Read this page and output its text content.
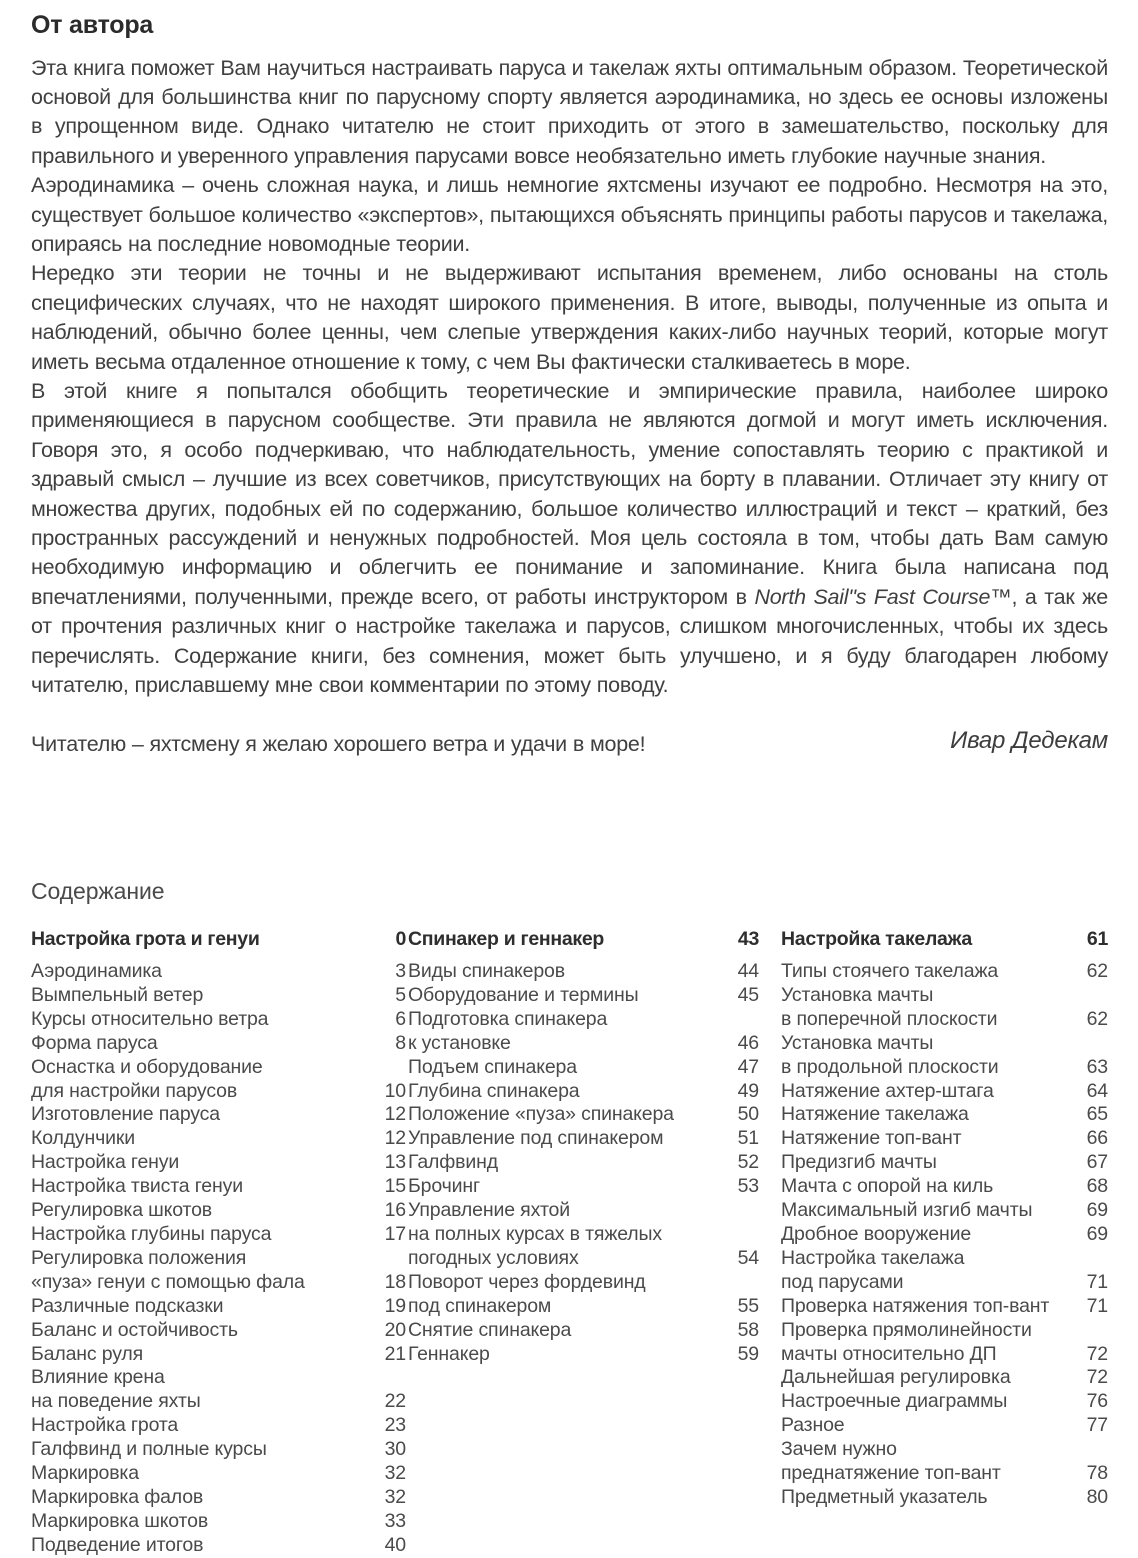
От автора

Эта книга поможет Вам научиться настраивать паруса и такелаж яхты оптимальным образом. Теоретической основой для большинства книг по парусному спорту является аэродинамика, но здесь ее основы изложены в упрощенном виде. Однако читателю не стоит приходить от этого в замешательство, поскольку для правильного и уверенного управления парусами вовсе необязательно иметь глубокие научные знания.

Аэродинамика – очень сложная наука, и лишь немногие яхтсмены изучают ее подробно. Несмотря на это, существует большое количество «экспертов», пытающихся объяснять принципы работы парусов и такелажа, опираясь на последние новомодные теории.

Нередко эти теории не точны и не выдерживают испытания временем, либо основаны на столь специфических случаях, что не находят широкого применения. В итоге, выводы, полученные из опыта и наблюдений, обычно более ценны, чем слепые утверждения каких-либо научных теорий, которые могут иметь весьма отдаленное отношение к тому, с чем Вы фактически сталкиваетесь в море.

В этой книге я попытался обобщить теоретические и эмпирические правила, наиболее широко применяющиеся в парусном сообществе. Эти правила не являются догмой и могут иметь исключения. Говоря это, я особо подчеркиваю, что наблюдательность, умение сопоставлять теорию с практикой и здравый смысл – лучшие из всех советчиков, присутствующих на борту в плавании. Отличает эту книгу от множества других, подобных ей по содержанию, большое количество иллюстраций и текст – краткий, без пространных рассуждений и ненужных подробностей. Моя цель состояла в том, чтобы дать Вам самую необходимую информацию и облегчить ее понимание и запоминание. Книга была написана под впечатлениями, полученными, прежде всего, от работы инструктором в North Sail"s Fast Course™, а так же от прочтения различных книг о настройке такелажа и парусов, слишком многочисленных, чтобы их здесь перечислять. Содержание книги, без сомнения, может быть улучшено, и я буду благодарен любому читателю, приславшему мне свои комментарии по этому поводу.

Читателю – яхтсмену я желаю хорошего ветра и удачи в море!	Ивар Дедекам
Содержание
Настройка грота и генуи	0
Аэродинамика	3
Вымпельный ветер	5
Курсы относительно ветра	6
Форма паруса	8
Оснастка и оборудование
для настройки парусов	10
Изготовление паруса	12
Колдунчики	12
Настройка генуи	13
Настройка твиста генуи	15
Регулировка шкотов	16
Настройка глубины паруса	17
Регулировка положения
«пуза» генуи с помощью фала	18
Различные подсказки	19
Баланс и остойчивость	20
Баланс руля	21
Влияние крена
на поведение яхты	22
Настройка грота	23
Галфвинд и полные курсы	30
Маркировка	32
Маркировка фалов	32
Маркировка шкотов	33
Подведение итогов	40
Спинакер и геннакер	43
Виды спинакеров	44
Оборудование и термины	45
Подготовка спинакера
к установке	46
Подъем спинакера	47
Глубина спинакера	49
Положение «пуза» спинакера	50
Управление под спинакером	51
Галфвинд	52
Брочинг	53
Управление яхтой
на полных курсах в тяжелых
погодных условиях	54
Поворот через фордевинд
под спинакером	55
Снятие спинакера	58
Геннакер	59
Настройка такелажа	61
Типы стоячего такелажа	62
Установка мачты
в поперечной плоскости	62
Установка мачты
в продольной плоскости	63
Натяжение ахтер-штага	64
Натяжение такелажа	65
Натяжение топ-вант	66
Предизгиб мачты	67
Мачта с опорой на киль	68
Максимальный изгиб мачты	69
Дробное вооружение	69
Настройка такелажа
под парусами	71
Проверка натяжения топ-вант	71
Проверка прямолинейности
мачты относительно ДП	72
Дальнейшая регулировка	72
Настроечные диаграммы	76
Разное	77
Зачем нужно
преднатяжение топ-вант	78
Предметный указатель	80
